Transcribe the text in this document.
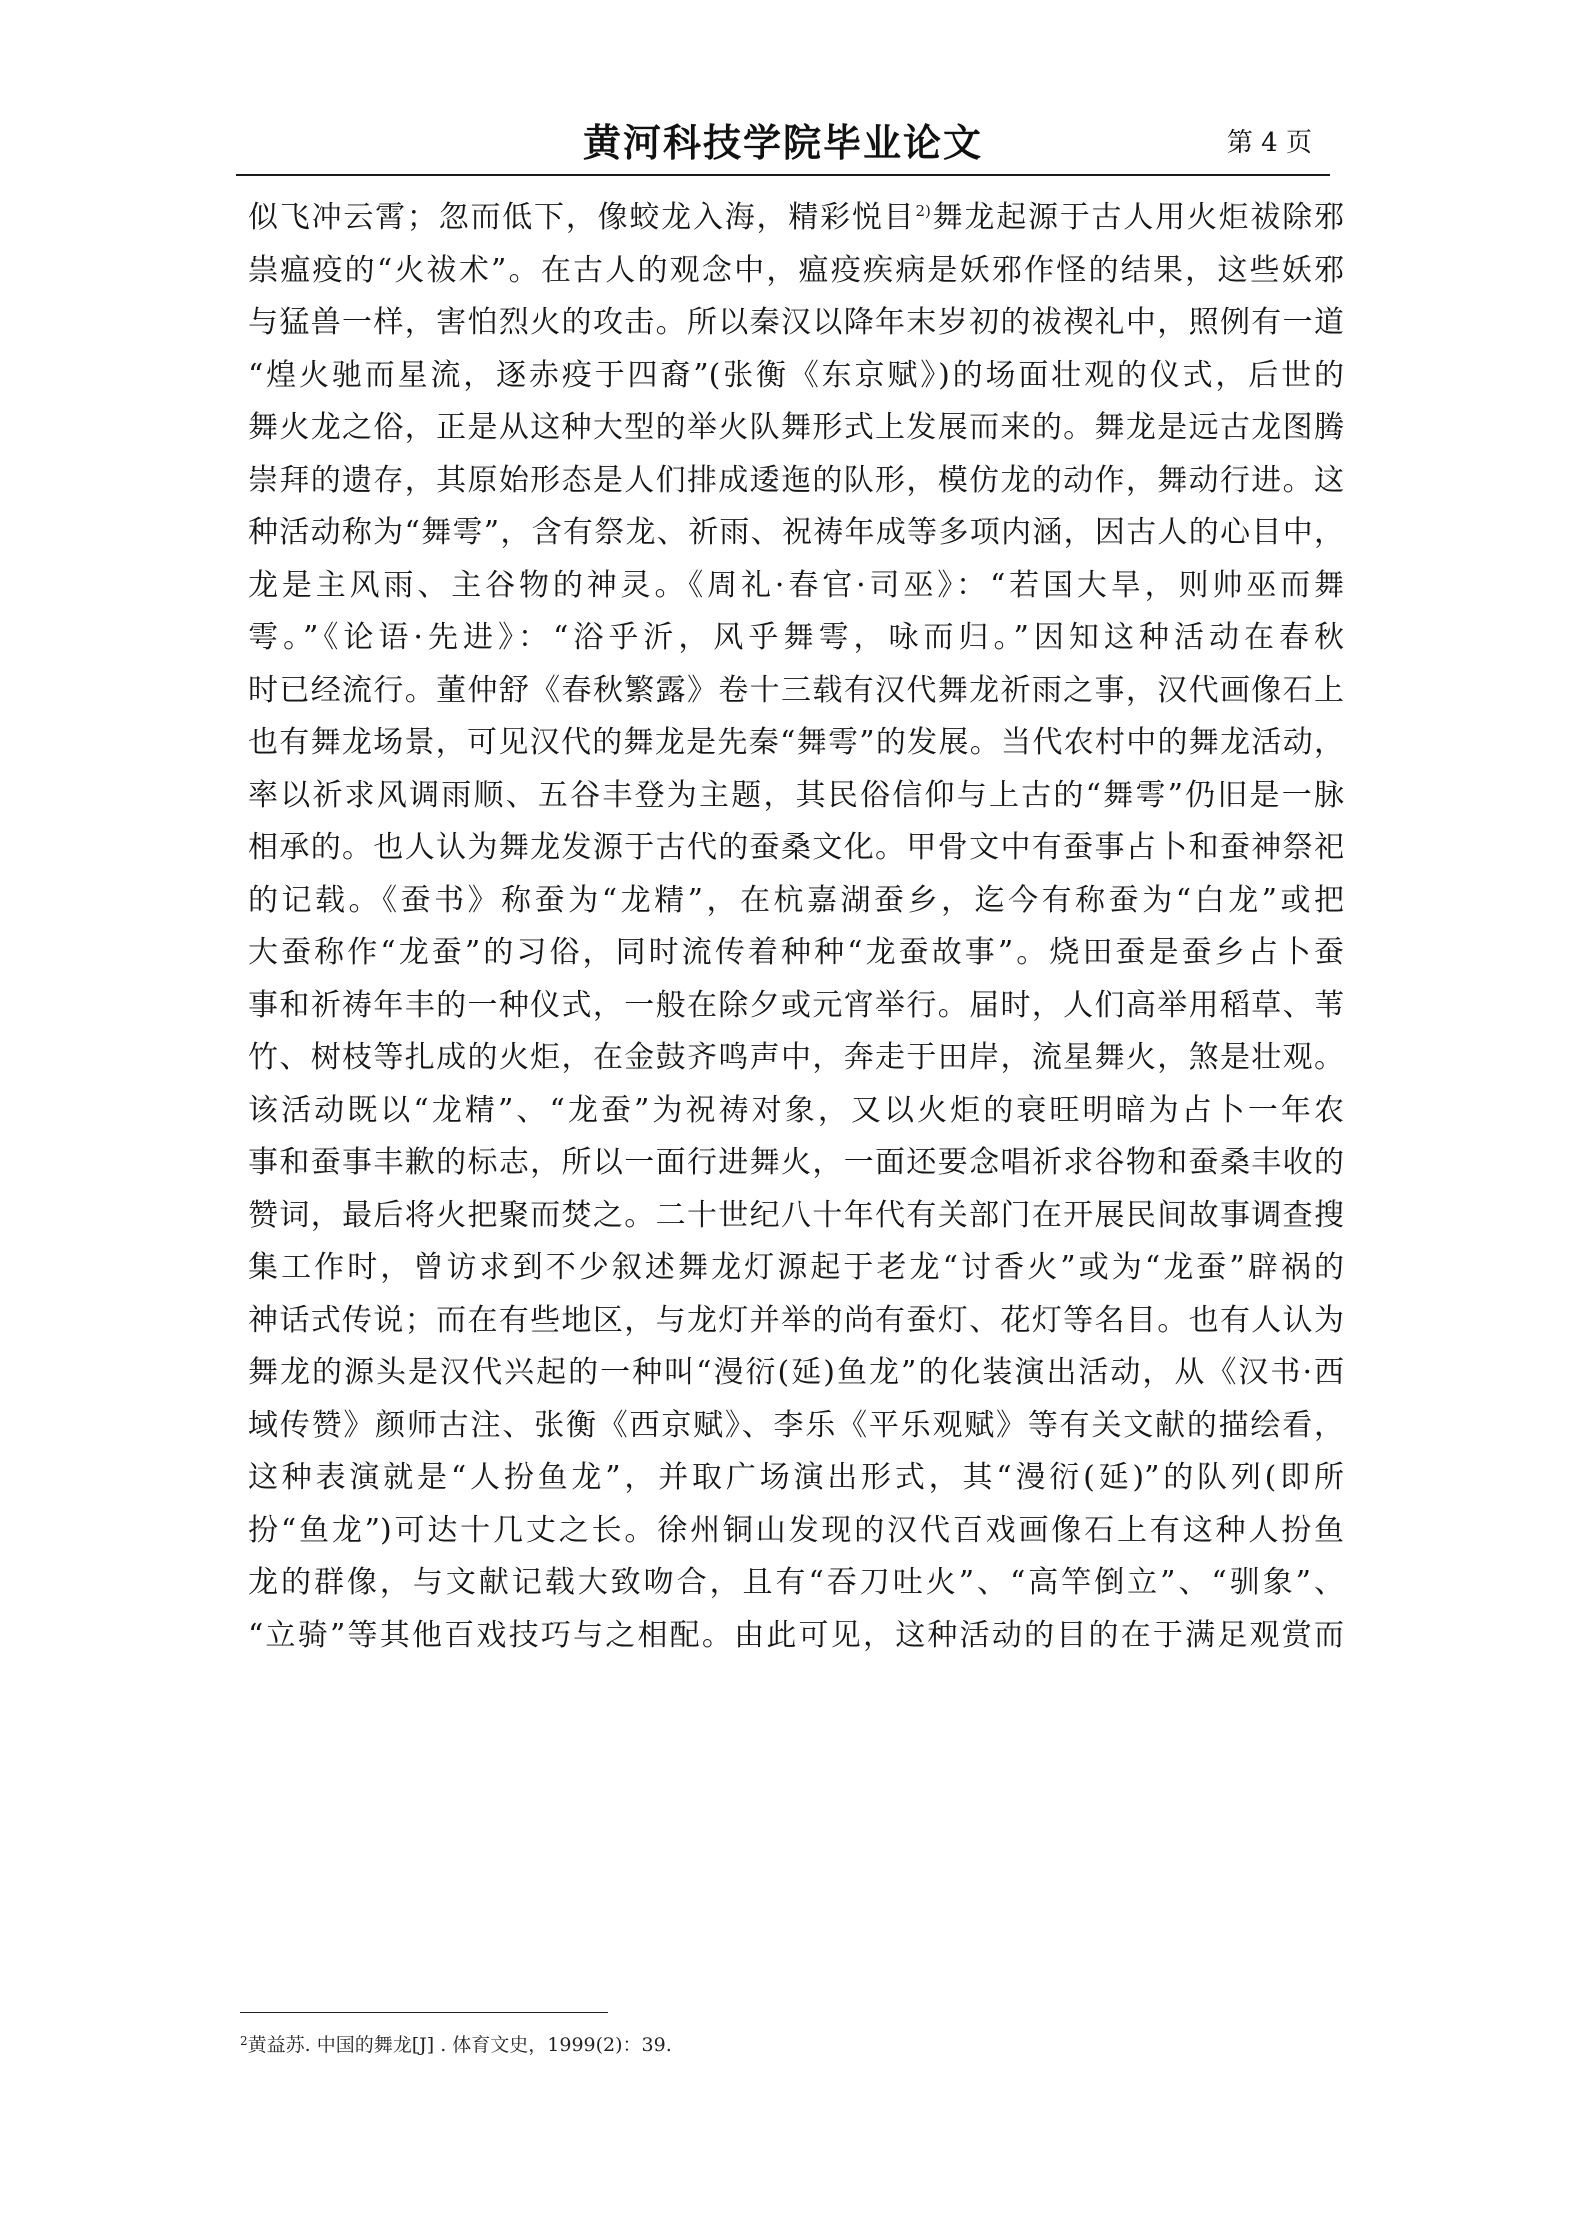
黄河科技学院毕业论文	第 4 页
似飞冲云霄；忽而低下，像蛟龙入海，精彩悦目$^{2)}$舞龙起源于古人用火炬祓除邪
祟瘟疫的“火祓术”。在古人的观念中，瘟疫疾病是妖邪作怪的结果，这些妖邪
与猛兽一样，害怕烈火的攻击。所以秦汉以降年末岁初的祓禊礼中，照例有一道
“煌火驰而星流，逐赤疫于四裔”(张衡《东京赋》)的场面壮观的仪式，后世的
舞火龙之俗，正是从这种大型的举火队舞形式上发展而来的。舞龙是远古龙图腾
崇拜的遗存，其原始形态是人们排成逶迤的队形，模仿龙的动作，舞动行进。这
种活动称为“舞雩”，含有祭龙、祈雨、祝祷年成等多项内涵，因古人的心目中，
龙是主风雨、主谷物的神灵。《周礼·春官·司巫》：“若国大旱，则帅巫而舞
雩。”《论语·先进》：“浴乎沂，风乎舞雩，咏而归。”因知这种活动在春秋
时已经流行。董仲舒《春秋繁露》卷十三载有汉代舞龙祈雨之事，汉代画像石上
也有舞龙场景，可见汉代的舞龙是先秦“舞雩”的发展。当代农村中的舞龙活动，
率以祈求风调雨顺、五谷丰登为主题，其民俗信仰与上古的“舞雩”仍旧是一脉
相承的。也人认为舞龙发源于古代的蚕桑文化。甲骨文中有蚕事占卜和蚕神祭祀
的记载。《蚕书》称蚕为“龙精”，在杭嘉湖蚕乡，迄今有称蚕为“白龙”或把
大蚕称作“龙蚕”的习俗，同时流传着种种“龙蚕故事”。烧田蚕是蚕乡占卜蚕
事和祈祷年丰的一种仪式，一般在除夕或元宵举行。届时，人们高举用稻草、苇
竹、树枝等扎成的火炬，在金鼓齐鸣声中，奔走于田岸，流星舞火，煞是壮观。
该活动既以“龙精”、“龙蚕”为祝祷对象，又以火炬的衰旺明暗为占卜一年农
事和蚕事丰歉的标志，所以一面行进舞火，一面还要念唱祈求谷物和蚕桑丰收的
赞词，最后将火把聚而焚之。二十世纪八十年代有关部门在开展民间故事调查搜
集工作时，曾访求到不少叙述舞龙灯源起于老龙“讨香火”或为“龙蚕”辟祸的
神话式传说；而在有些地区，与龙灯并举的尚有蚕灯、花灯等名目。也有人认为
舞龙的源头是汉代兴起的一种叫“漫衍(延)鱼龙”的化装演出活动，从《汉书·西
域传赞》颜师古注、张衡《西京赋》、李乐《平乐观赋》等有关文献的描绘看，
这种表演就是“人扮鱼龙”，并取广场演出形式，其“漫衍(延)”的队列(即所
扮“鱼龙”)可达十几丈之长。徐州铜山发现的汉代百戏画像石上有这种人扮鱼
龙的群像，与文献记载大致吻合，且有“吞刀吐火”、“高竿倒立”、“驯象”、
“立骑”等其他百戏技巧与之相配。由此可见，这种活动的目的在于满足观赏而
$^2$黄益苏. 中国的舞龙[J] . 体育文史，1999(2)：39.
